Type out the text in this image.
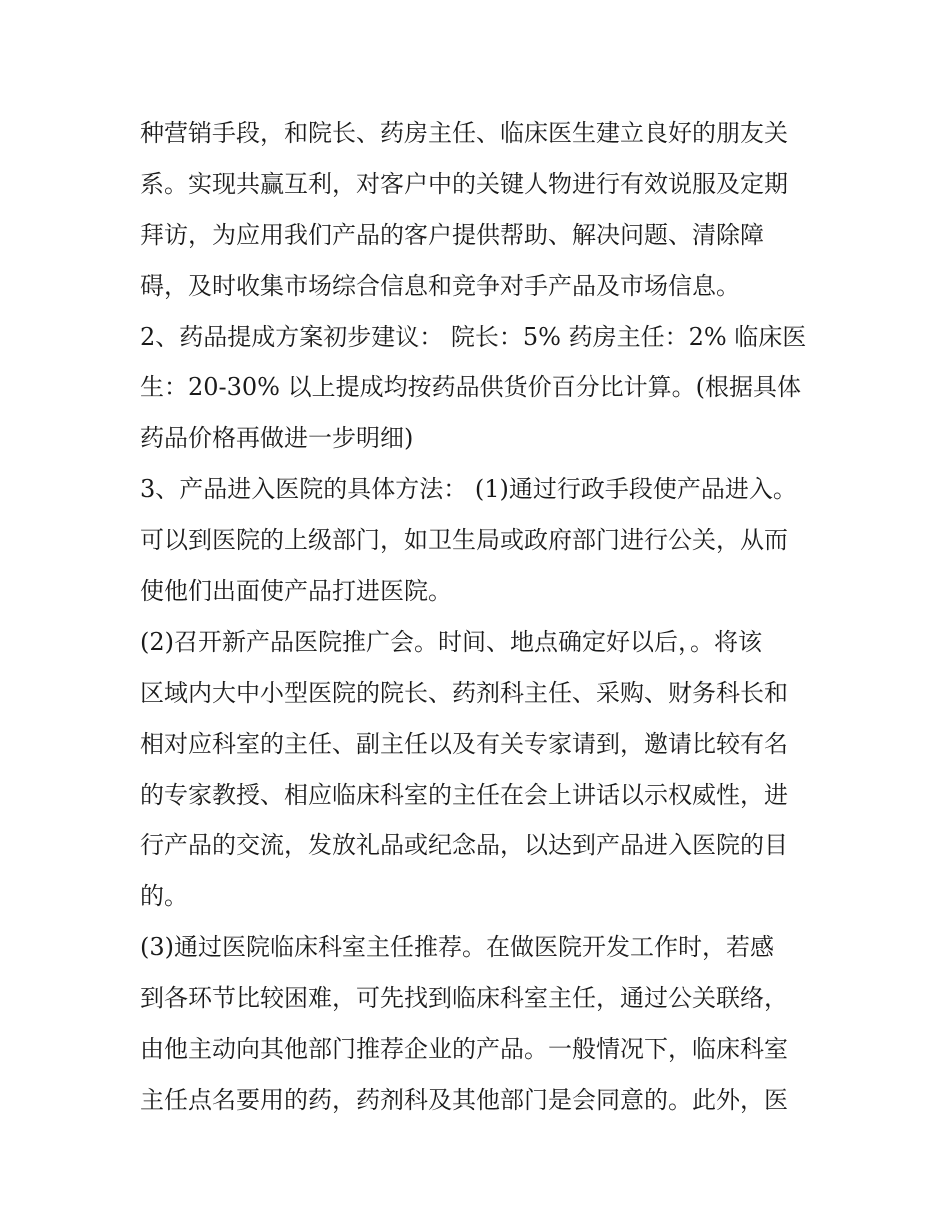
种营销手段，和院长、药房主任、临床医生建立良好的朋友关
系。实现共赢互利，对客户中的关键人物进行有效说服及定期
拜访，为应用我们产品的客户提供帮助、解决问题、清除障
碍，及时收集市场综合信息和竞争对手产品及市场信息。
2、药品提成方案初步建议： 院长：5% 药房主任：2% 临床医
生：20-30% 以上提成均按药品供货价百分比计算。(根据具体
药品价格再做进一步明细)
3、产品进入医院的具体方法： (1)通过行政手段使产品进入。
可以到医院的上级部门，如卫生局或政府部门进行公关，从而
使他们出面使产品打进医院。
(2)召开新产品医院推广会。时间、地点确定好以后，。将该
区域内大中小型医院的院长、药剂科主任、采购、财务科长和
相对应科室的主任、副主任以及有关专家请到，邀请比较有名
的专家教授、相应临床科室的主任在会上讲话以示权威性，进
行产品的交流，发放礼品或纪念品，以达到产品进入医院的目
的。
(3)通过医院临床科室主任推荐。在做医院开发工作时，若感
到各环节比较困难，可先找到临床科室主任，通过公关联络，
由他主动向其他部门推荐企业的产品。一般情况下，临床科室
主任点名要用的药，药剂科及其他部门是会同意的。此外，医
